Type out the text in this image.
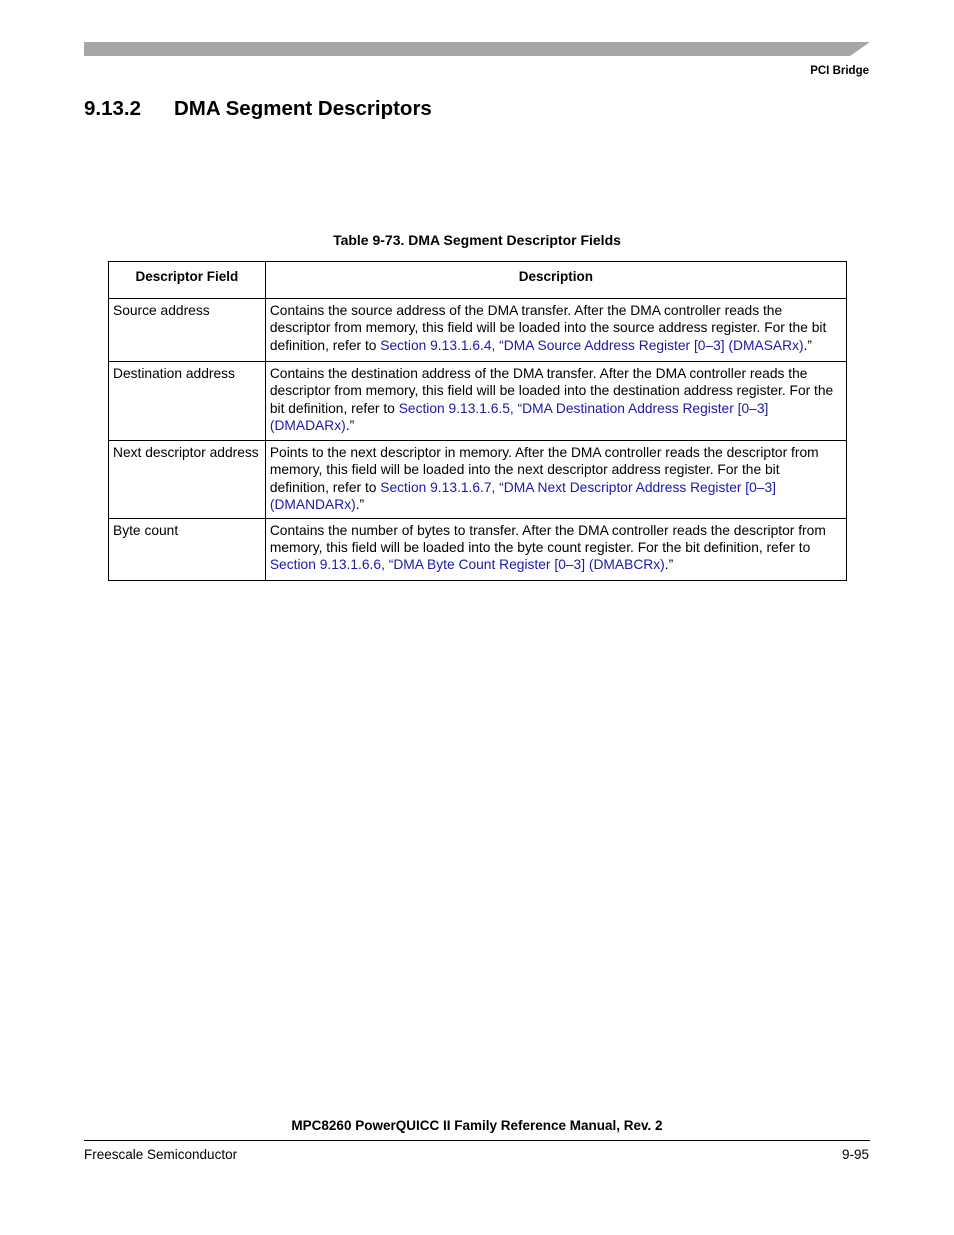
PCI Bridge
9.13.2 DMA Segment Descriptors
Table 9-73. DMA Segment Descriptor Fields
Descriptor Field	Description
Source address	Contains the source address of the DMA transfer. After the DMA controller reads the descriptor from memory, this field will be loaded into the source address register. For the bit definition, refer to Section 9.13.1.6.4, “DMA Source Address Register [0–3] (DMASARx).”
Destination address	Contains the destination address of the DMA transfer. After the DMA controller reads the descriptor from memory, this field will be loaded into the destination address register. For the bit definition, refer to Section 9.13.1.6.5, “DMA Destination Address Register [0–3] (DMADARx).”
Next descriptor address	Points to the next descriptor in memory. After the DMA controller reads the descriptor from memory, this field will be loaded into the next descriptor address register. For the bit definition, refer to Section 9.13.1.6.7, “DMA Next Descriptor Address Register [0–3] (DMANDARx).”
Byte count	Contains the number of bytes to transfer. After the DMA controller reads the descriptor from memory, this field will be loaded into the byte count register. For the bit definition, refer to Section 9.13.1.6.6, “DMA Byte Count Register [0–3] (DMABCRx).”
MPC8260 PowerQUICC II Family Reference Manual, Rev. 2
Freescale Semiconductor	9-95
